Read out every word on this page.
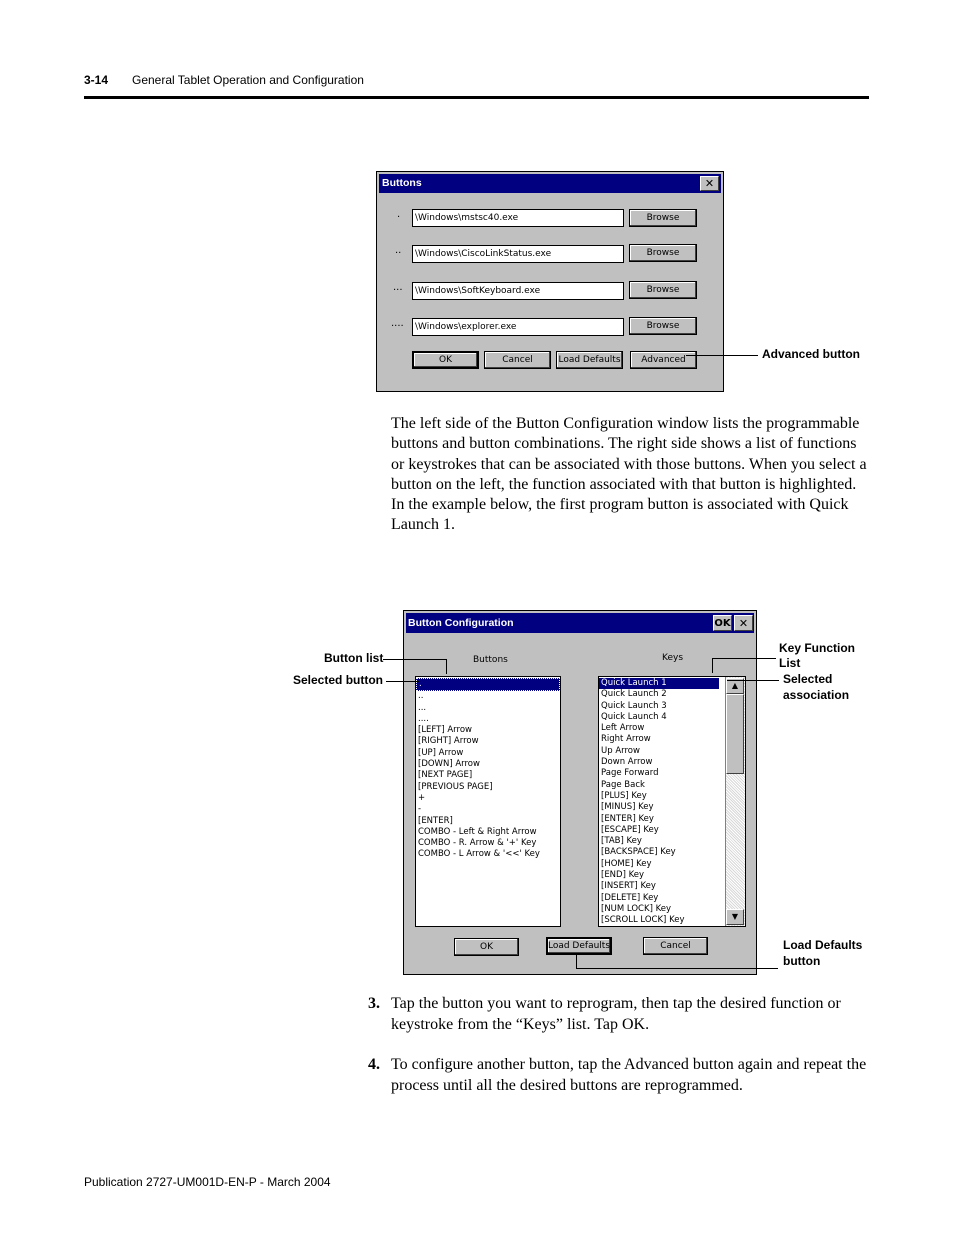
3-14 General Tablet Operation and Configuration
Buttons	✕
.	\Windows\mstsc40.exe	Browse
..	\Windows\CiscoLinkStatus.exe	Browse
...	\Windows\SoftKeyboard.exe	Browse
....	\Windows\explorer.exe	Browse
OK	Cancel	Load Defaults	Advanced	Advanced button
The left side of the Button Configuration window lists the programmable buttons and button combinations. The right side shows a list of functions or keystrokes that can be associated with those buttons. When you select a button on the left, the function associated with that button is highlighted. In the example below, the first program button is associated with Quick Launch 1.
Button Configuration	OK ✕
Buttons	Keys
.
..
...
....
[LEFT] Arrow
[RIGHT] Arrow
[UP] Arrow
[DOWN] Arrow
[NEXT PAGE]
[PREVIOUS PAGE]
+
-
[ENTER]
COMBO - Left & Right Arrow
COMBO - R. Arrow & '+' Key
COMBO - L Arrow & '<<' Key
Quick Launch 1
Quick Launch 2
Quick Launch 3
Quick Launch 4
Left Arrow
Right Arrow
Up Arrow
Down Arrow
Page Forward
Page Back
[PLUS] Key
[MINUS] Key
[ENTER] Key
[ESCAPE] Key
[TAB] Key
[BACKSPACE] Key
[HOME] Key
[END] Key
[INSERT] Key
[DELETE] Key
[NUM LOCK] Key
[SCROLL LOCK] Key
▲
▼
OK	Load Defaults	Cancel
Button list
Selected button
Key Function
List
Selected
association
Load Defaults
button
3. Tap the button you want to reprogram, then tap the desired function or keystroke from the “Keys” list. Tap OK.
4. To configure another button, tap the Advanced button again and repeat the process until all the desired buttons are reprogrammed.
Publication 2727-UM001D-EN-P - March 2004
